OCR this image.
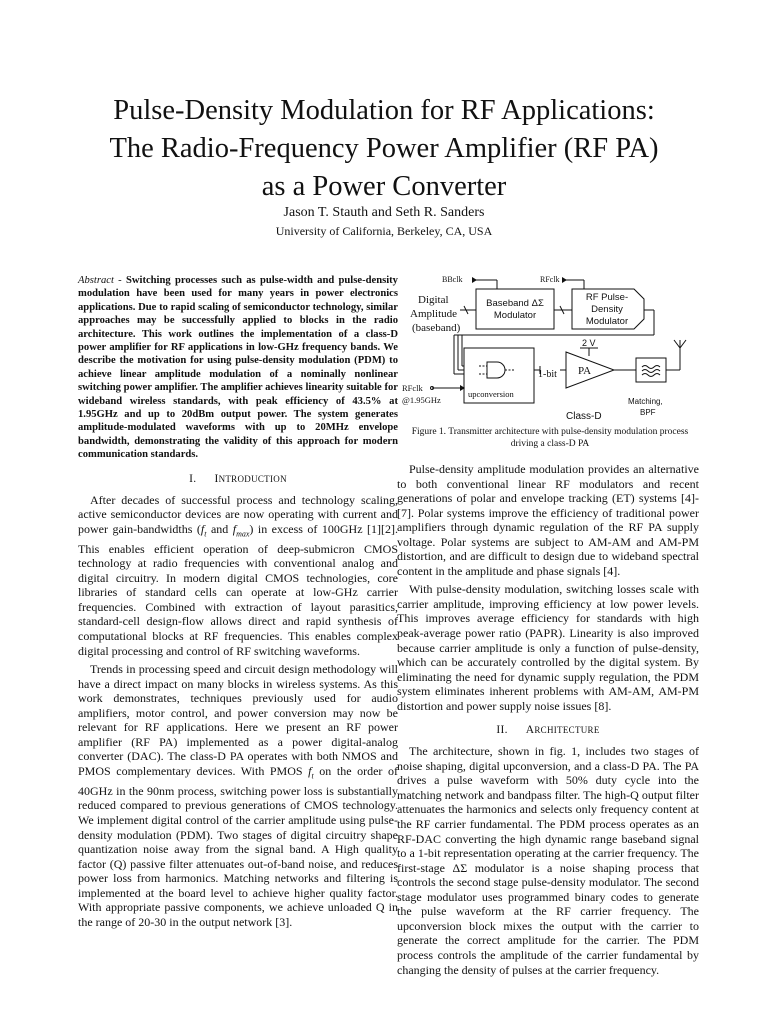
Pulse-Density Modulation for RF Applications:
The Radio-Frequency Power Amplifier (RF PA)
as a Power Converter
Jason T. Stauth and Seth R. Sanders
University of California, Berkeley, CA, USA

Abstract - Switching processes such as pulse-width and pulse-density modulation have been used for many years in power electronics applications. Due to rapid scaling of semiconductor technology, similar approaches may be successfully applied to blocks in the radio architecture. This work outlines the implementation of a class-D power amplifier for RF applications in low-GHz frequency bands. We describe the motivation for using pulse-density modulation (PDM) to achieve linear amplitude modulation of a nominally nonlinear switching power amplifier. The amplifier achieves linearity suitable for wideband wireless standards, with peak efficiency of 43.5% at 1.95GHz and up to 20dBm output power. The system generates amplitude-modulated waveforms with up to 20MHz envelope bandwidth, demonstrating the validity of this approach for modern communication standards.

I. INTRODUCTION

After decades of successful process and technology scaling, active semiconductor devices are now operating with current and power gain-bandwidths ($f_t$ and $f_{max}$) in excess of 100GHz [1][2]. This enables efficient operation of deep-submicron CMOS technology at radio frequencies with conventional analog and digital circuitry. In modern digital CMOS technologies, core libraries of standard cells can operate at low-GHz carrier frequencies. Combined with extraction of layout parasitics, standard-cell design-flow allows direct and rapid synthesis of computational blocks at RF frequencies. This enables complex digital processing and control of RF switching waveforms.

Trends in processing speed and circuit design methodology will have a direct impact on many blocks in wireless systems. As this work demonstrates, techniques previously used for audio amplifiers, motor control, and power conversion may now be relevant for RF applications. Here we present an RF power amplifier (RF PA) implemented as a power digital-analog converter (DAC). The class-D PA operates with both NMOS and PMOS complementary devices. With PMOS $f_t$ on the order of 40GHz in the 90nm process, switching power loss is substantially reduced compared to previous generations of CMOS technology. We implement digital control of the carrier amplitude using pulse-density modulation (PDM). Two stages of digital circuitry shape quantization noise away from the signal band. A High quality factor (Q) passive filter attenuates out-of-band noise, and reduces power loss from harmonics. Matching networks and filtering is implemented at the board level to achieve higher quality factor. With appropriate passive components, we achieve unloaded Q in the range of 20-30 in the output network [3].

BBclk	RFclk
Digital
Amplitude
(baseband)
Baseband ΔΣ
Modulator
RF Pulse-
Density
Modulator
2 V
1-bit PA
RFclk
@1.95GHz
upconversion
Class-D
Matching,
BPF
Figure 1. Transmitter architecture with pulse-density modulation process driving a class-D PA

Pulse-density amplitude modulation provides an alternative to both conventional linear RF modulators and recent generations of polar and envelope tracking (ET) systems [4]-[7]. Polar systems improve the efficiency of traditional power amplifiers through dynamic regulation of the RF PA supply voltage. Polar systems are subject to AM-AM and AM-PM distortion, and are difficult to design due to wideband spectral content in the amplitude and phase signals [4].

With pulse-density modulation, switching losses scale with carrier amplitude, improving efficiency at low power levels. This improves average efficiency for standards with high peak-average power ratio (PAPR). Linearity is also improved because carrier amplitude is only a function of pulse-density, which can be accurately controlled by the digital system. By eliminating the need for dynamic supply regulation, the PDM system eliminates inherent problems with AM-AM, AM-PM distortion and power supply noise issues [8].

II. ARCHITECTURE

The architecture, shown in fig. 1, includes two stages of noise shaping, digital upconversion, and a class-D PA. The PA drives a pulse waveform with 50% duty cycle into the matching network and bandpass filter. The high-Q output filter attenuates the harmonics and selects only frequency content at the RF carrier fundamental. The PDM process operates as an RF-DAC converting the high dynamic range baseband signal to a 1-bit representation operating at the carrier frequency. The first-stage ΔΣ modulator is a noise shaping process that controls the second stage pulse-density modulator. The second stage modulator uses programmed binary codes to generate the pulse waveform at the RF carrier frequency. The upconversion block mixes the output with the carrier to generate the correct amplitude for the carrier. The PDM process controls the amplitude of the carrier fundamental by changing the density of pulses at the carrier frequency.
